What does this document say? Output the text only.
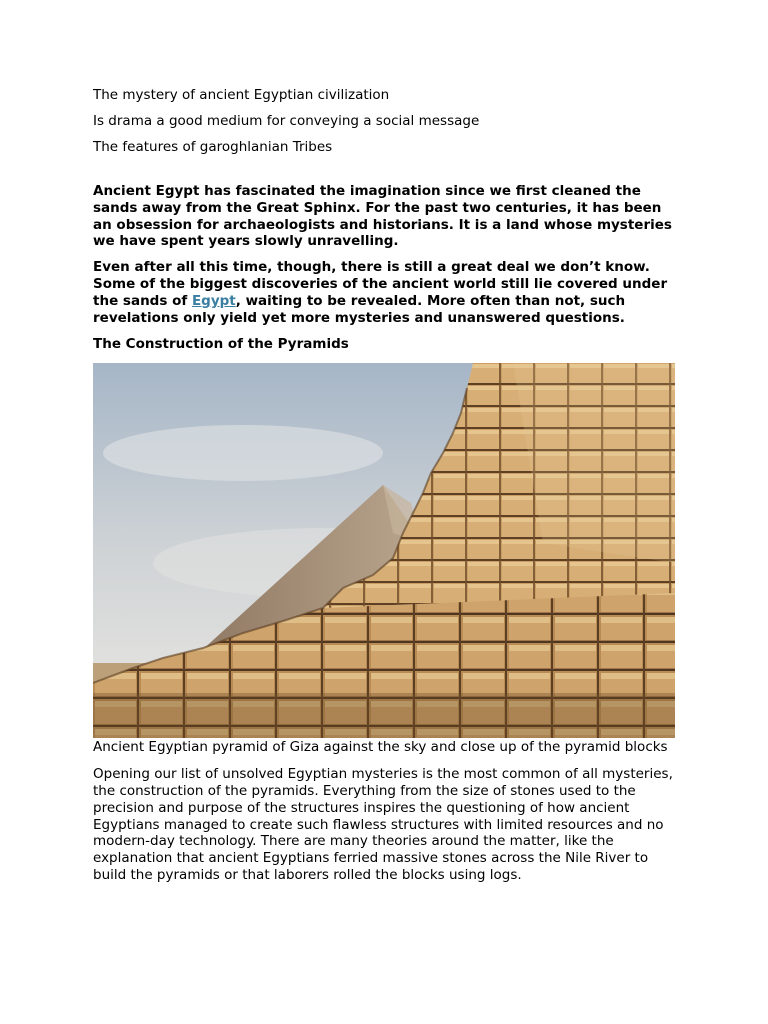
The mystery of ancient Egyptian civilization

Is drama a good medium for conveying a social message

The features of garoghlanian Tribes

Ancient Egypt has fascinated the imagination since we first cleaned the sands away from the Great Sphinx. For the past two centuries, it has been an obsession for archaeologists and historians. It is a land whose mysteries we have spent years slowly unravelling.

Even after all this time, though, there is still a great deal we don’t know. Some of the biggest discoveries of the ancient world still lie covered under the sands of Egypt, waiting to be revealed. More often than not, such revelations only yield yet more mysteries and unanswered questions.

The Construction of the Pyramids

Ancient Egyptian pyramid of Giza against the sky and close up of the pyramid blocks

Opening our list of unsolved Egyptian mysteries is the most common of all mysteries, the construction of the pyramids. Everything from the size of stones used to the precision and purpose of the structures inspires the questioning of how ancient Egyptians managed to create such flawless structures with limited resources and no modern-day technology. There are many theories around the matter, like the explanation that ancient Egyptians ferried massive stones across the Nile River to build the pyramids or that laborers rolled the blocks using logs.
